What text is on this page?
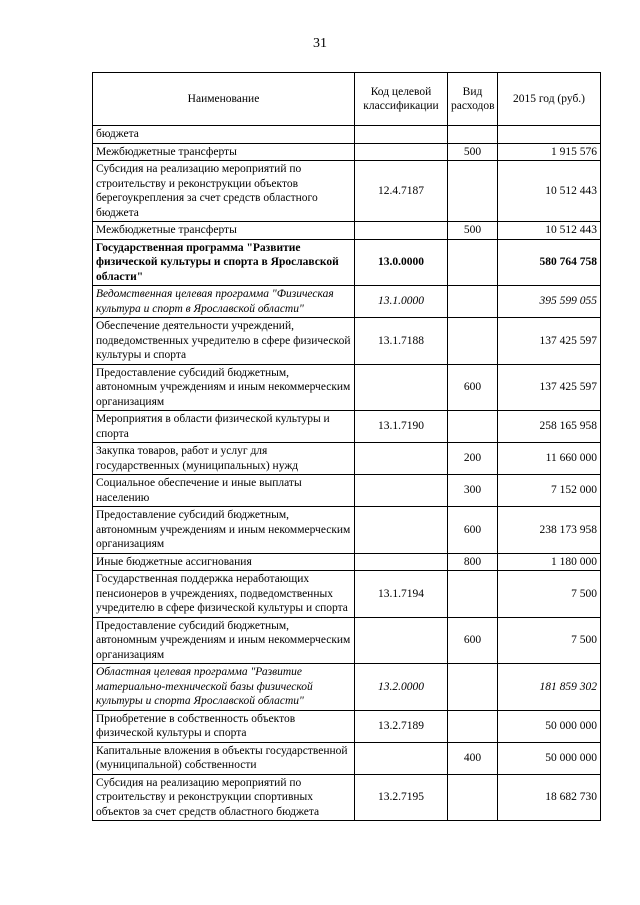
31
Наименование	Код целевой классификации	Вид расходов	2015 год (руб.)
бюджета			
Межбюджетные трансферты		500	1 915 576
Субсидия на реализацию мероприятий по строительству и реконструкции объектов берегоукрепления за счет средств областного бюджета	12.4.7187		10 512 443
Межбюджетные трансферты		500	10 512 443
Государственная программа "Развитие физической культуры и спорта в Ярославской области"	13.0.0000		580 764 758
Ведомственная целевая программа "Физическая культура и спорт в Ярославской области"	13.1.0000		395 599 055
Обеспечение деятельности учреждений, подведомственных учредителю в сфере физической культуры и спорта	13.1.7188		137 425 597
Предоставление субсидий бюджетным, автономным учреждениям и иным некоммерческим организациям		600	137 425 597
Мероприятия в области физической культуры и спорта	13.1.7190		258 165 958
Закупка товаров, работ и услуг для государственных (муниципальных) нужд		200	11 660 000
Социальное обеспечение и иные выплаты населению		300	7 152 000
Предоставление субсидий бюджетным, автономным учреждениям и иным некоммерческим организациям		600	238 173 958
Иные бюджетные ассигнования		800	1 180 000
Государственная поддержка неработающих пенсионеров в учреждениях, подведомственных учредителю в сфере физической культуры и спорта	13.1.7194		7 500
Предоставление субсидий бюджетным, автономным учреждениям и иным некоммерческим организациям		600	7 500
Областная целевая программа "Развитие материально-технической базы физической культуры и спорта Ярославской области"	13.2.0000		181 859 302
Приобретение в собственность объектов физической культуры и спорта	13.2.7189		50 000 000
Капитальные вложения в объекты государственной (муниципальной) собственности		400	50 000 000
Субсидия на реализацию мероприятий по строительству и реконструкции спортивных объектов за счет средств областного бюджета	13.2.7195		18 682 730
